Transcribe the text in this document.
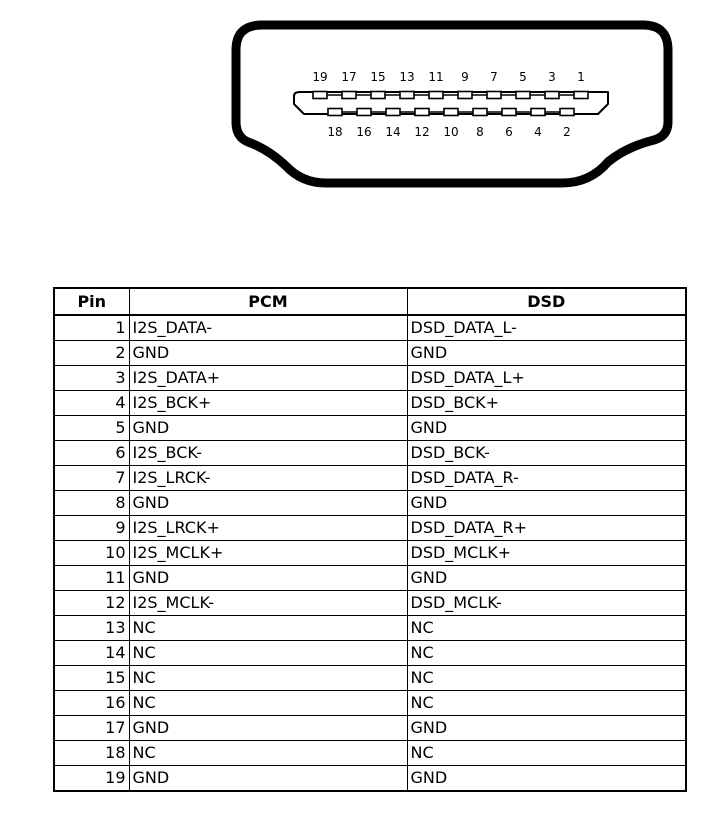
19 17 15 13 11 9 7 5 3 1
18 16 14 12 10 8 6 4 2
Pin	PCM	DSD
1	I2S_DATA-	DSD_DATA_L-
2	GND	GND
3	I2S_DATA+	DSD_DATA_L+
4	I2S_BCK+	DSD_BCK+
5	GND	GND
6	I2S_BCK-	DSD_BCK-
7	I2S_LRCK-	DSD_DATA_R-
8	GND	GND
9	I2S_LRCK+	DSD_DATA_R+
10	I2S_MCLK+	DSD_MCLK+
11	GND	GND
12	I2S_MCLK-	DSD_MCLK-
13	NC	NC
14	NC	NC
15	NC	NC
16	NC	NC
17	GND	GND
18	NC	NC
19	GND	GND
